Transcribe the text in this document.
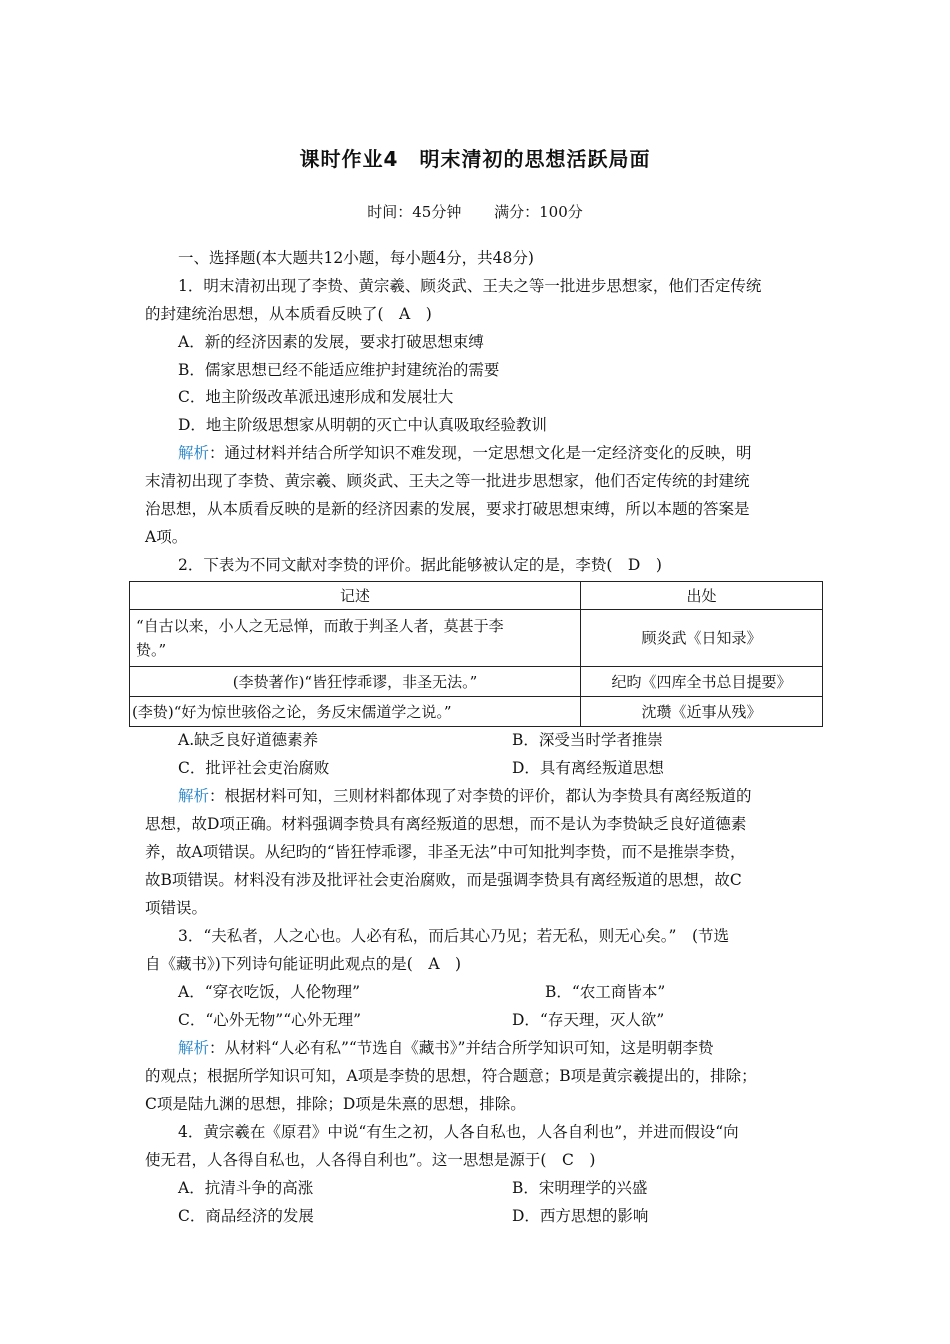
课时作业4　明末清初的思想活跃局面
时间：45分钟 满分：100分
一、选择题(本大题共12小题，每小题4分，共48分)
1．明末清初出现了李贽、黄宗羲、顾炎武、王夫之等一批进步思想家，他们否定传统
的封建统治思想，从本质看反映了(　A　)
A．新的经济因素的发展，要求打破思想束缚
B．儒家思想已经不能适应维护封建统治的需要
C．地主阶级改革派迅速形成和发展壮大
D．地主阶级思想家从明朝的灭亡中认真吸取经验教训
解析：通过材料并结合所学知识不难发现，一定思想文化是一定经济变化的反映，明
末清初出现了李贽、黄宗羲、顾炎武、王夫之等一批进步思想家，他们否定传统的封建统
治思想，从本质看反映的是新的经济因素的发展，要求打破思想束缚，所以本题的答案是
A项。
2．下表为不同文献对李贽的评价。据此能够被认定的是，李贽(　D　)
记述	出处

“自古以来，小人之无忌惮，而敢于判圣人者，莫甚于李
贽。”	顾炎武《日知录》
(李贽著作)“皆狂悖乖谬，非圣无法。”	纪昀《四库全书总目提要》
(李贽)“好为惊世骇俗之论，务反宋儒道学之说。”	沈瓒《近事从残》
A.缺乏良好道德素养	B．深受当时学者推崇
C．批评社会吏治腐败	D．具有离经叛道思想
解析：根据材料可知，三则材料都体现了对李贽的评价，都认为李贽具有离经叛道的
思想，故D项正确。材料强调李贽具有离经叛道的思想，而不是认为李贽缺乏良好道德素
养，故A项错误。从纪昀的“皆狂悖乖谬，非圣无法”中可知批判李贽，而不是推崇李贽，
故B项错误。材料没有涉及批评社会吏治腐败，而是强调李贽具有离经叛道的思想，故C
项错误。
3．“夫私者，人之心也。人必有私，而后其心乃见；若无私，则无心矣。”　(节选
自《藏书》)下列诗句能证明此观点的是(　A　)
A．“穿衣吃饭，人伦物理”	B．“农工商皆本”
C．“心外无物”“心外无理”	D．“存天理，灭人欲”
解析：从材料“人必有私”“节选自《藏书》”并结合所学知识可知，这是明朝李贽
的观点；根据所学知识可知，A项是李贽的思想，符合题意；B项是黄宗羲提出的，排除；
C项是陆九渊的思想，排除；D项是朱熹的思想，排除。
4．黄宗羲在《原君》中说“有生之初，人各自私也，人各自利也”，并进而假设“向
使无君，人各得自私也，人各得自利也”。这一思想是源于(　C　)
A．抗清斗争的高涨	B．宋明理学的兴盛
C．商品经济的发展	D．西方思想的影响
